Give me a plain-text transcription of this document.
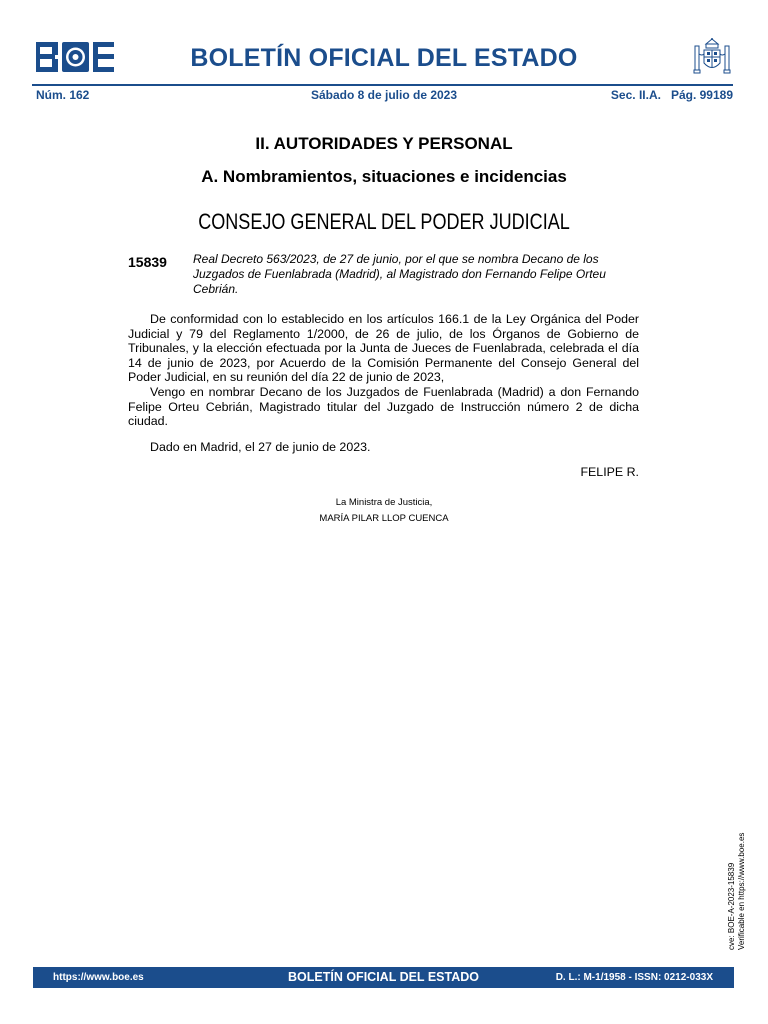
BOLETÍN OFICIAL DEL ESTADO
Núm. 162	Sábado 8 de julio de 2023	Sec. II.A. Pág. 99189
II. AUTORIDADES Y PERSONAL
A. Nombramientos, situaciones e incidencias
CONSEJO GENERAL DEL PODER JUDICIAL
15839 Real Decreto 563/2023, de 27 de junio, por el que se nombra Decano de los Juzgados de Fuenlabrada (Madrid), al Magistrado don Fernando Felipe Orteu Cebrián.

De conformidad con lo establecido en los artículos 166.1 de la Ley Orgánica del Poder Judicial y 79 del Reglamento 1/2000, de 26 de julio, de los Órganos de Gobierno de Tribunales, y la elección efectuada por la Junta de Jueces de Fuenlabrada, celebrada el día 14 de junio de 2023, por Acuerdo de la Comisión Permanente del Consejo General del Poder Judicial, en su reunión del día 22 de junio de 2023,

Vengo en nombrar Decano de los Juzgados de Fuenlabrada (Madrid) a don Fernando Felipe Orteu Cebrián, Magistrado titular del Juzgado de Instrucción número 2 de dicha ciudad.

Dado en Madrid, el 27 de junio de 2023.
FELIPE R.
La Ministra de Justicia,
MARÍA PILAR LLOP CUENCA
cve: BOE-A-2023-15839 Verificable en https://www.boe.es
https://www.boe.es	BOLETÍN OFICIAL DEL ESTADO	D. L.: M-1/1958 - ISSN: 0212-033X
